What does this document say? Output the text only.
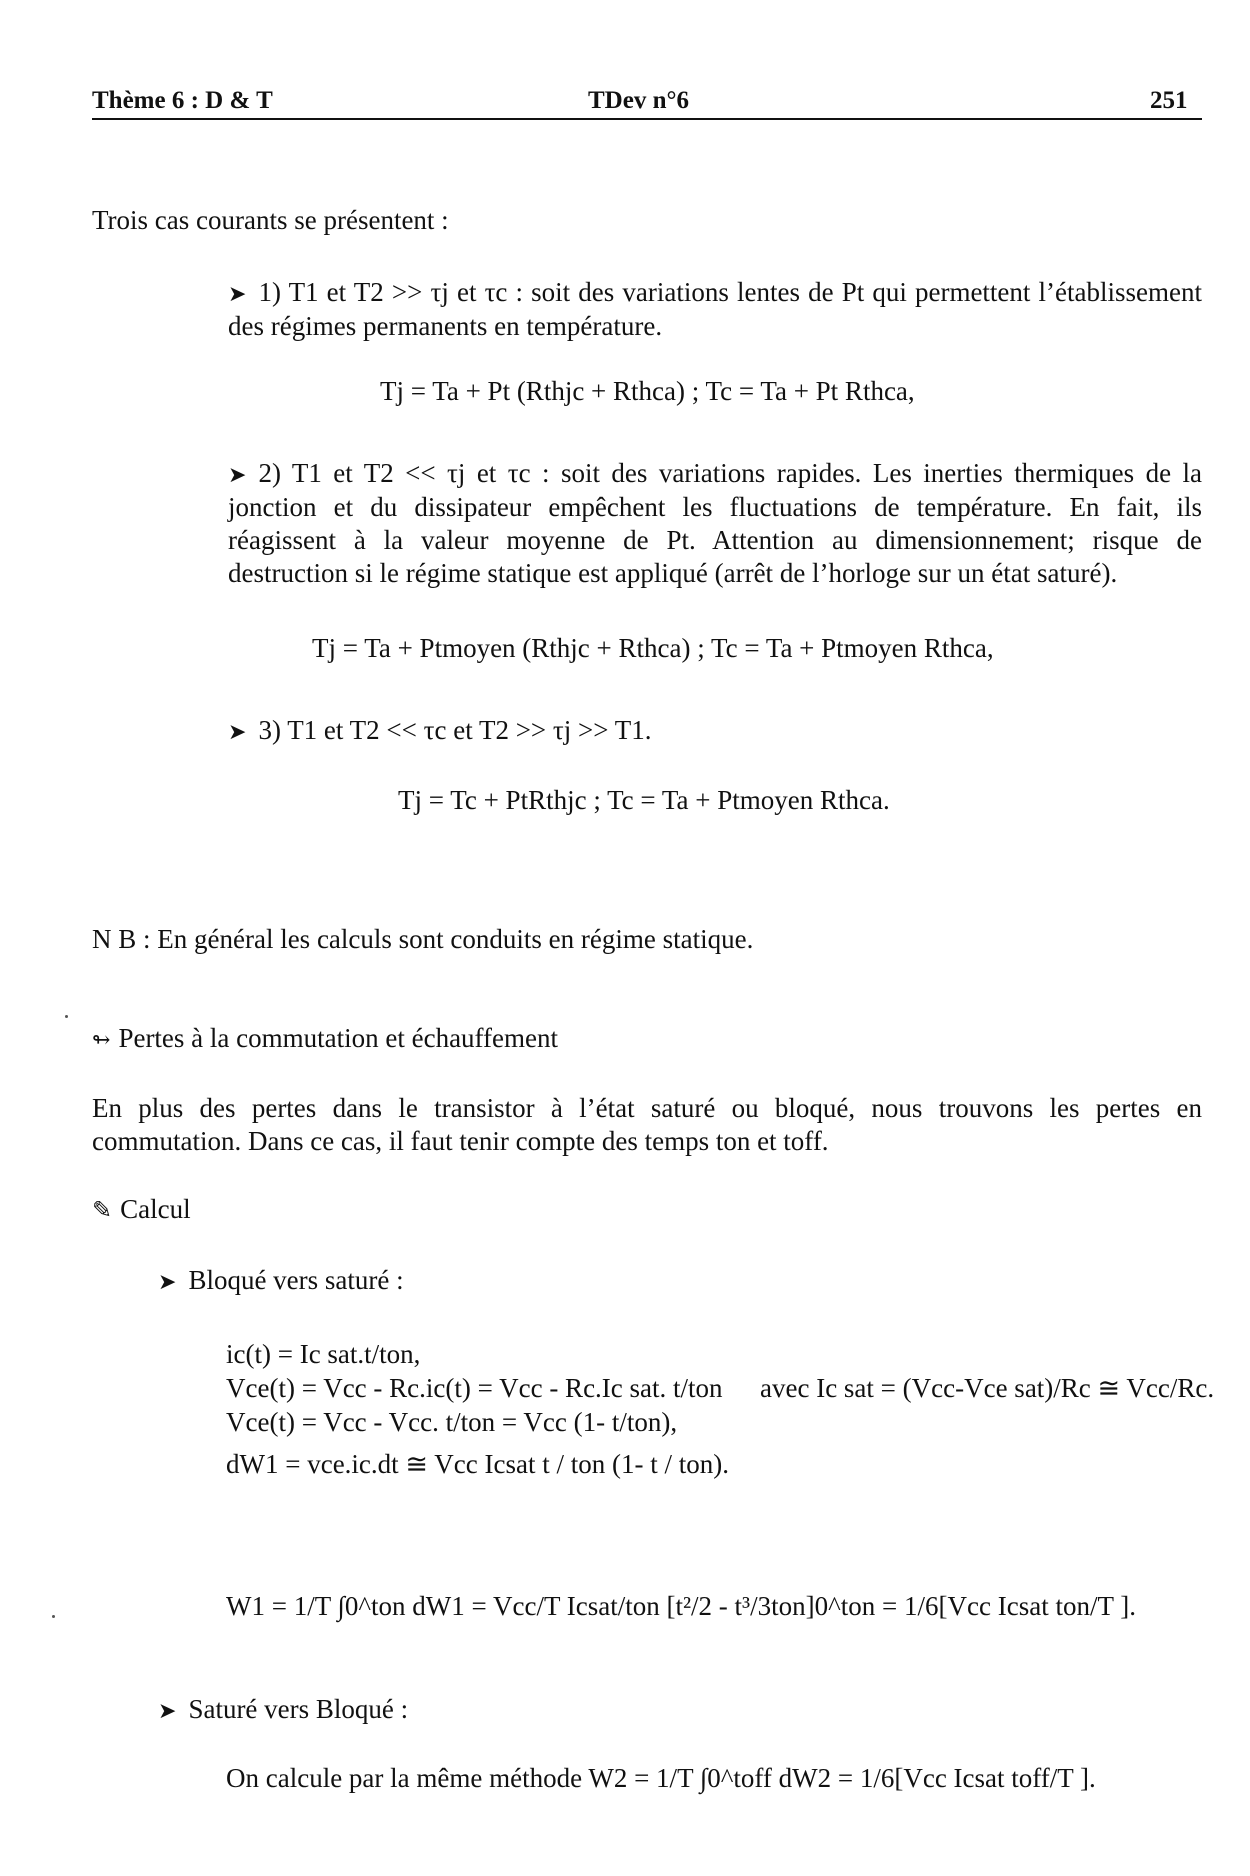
Thème 6 : D & T	TDev n°6	251
Trois cas courants se présentent :
➤ 1) T1 et T2 >> τj et τc : soit des variations lentes de Pt qui permettent l’établissement des régimes permanents en température.
Tj = Ta + Pt (Rthjc + Rthca) ; Tc = Ta + Pt Rthca,
➤ 2) T1 et T2 << τj et τc : soit des variations rapides. Les inerties thermiques de la jonction et du dissipateur empêchent les fluctuations de température. En fait, ils réagissent à la valeur moyenne de Pt. Attention au dimensionnement; risque de destruction si le régime statique est appliqué (arrêt de l’horloge sur un état saturé).
Tj = Ta + Ptmoyen (Rthjc + Rthca) ; Tc = Ta + Ptmoyen Rthca,
➤ 3) T1 et T2 << τc et T2 >> τj >> T1.
Tj = Tc + PtRthjc ; Tc = Ta + Ptmoyen Rthca.
N B : En général les calculs sont conduits en régime statique.
↬ Pertes à la commutation et échauffement
En plus des pertes dans le transistor à l’état saturé ou bloqué, nous trouvons les pertes en commutation. Dans ce cas, il faut tenir compte des temps ton et toff.
✎ Calcul
➤ Bloqué vers saturé :
ic(t) = Ic sat.t/ton,
Vce(t) = Vcc - Rc.ic(t) = Vcc - Rc.Ic sat. t/ton avec Ic sat = (Vcc-Vce sat)/Rc ≅ Vcc/Rc.
Vce(t) = Vcc - Vcc. t/ton = Vcc (1- t/ton),
dW1 = vce.ic.dt ≅ Vcc Icsat t / ton (1- t / ton).
W1 = 1/T ∫0^ton dW1 = Vcc/T Icsat/ton [t²/2 - t³/3ton]0^ton = 1/6[Vcc Icsat ton/T ].
➤ Saturé vers Bloqué :
On calcule par la même méthode W2 = 1/T ∫0^toff dW2 = 1/6[Vcc Icsat toff/T ].
